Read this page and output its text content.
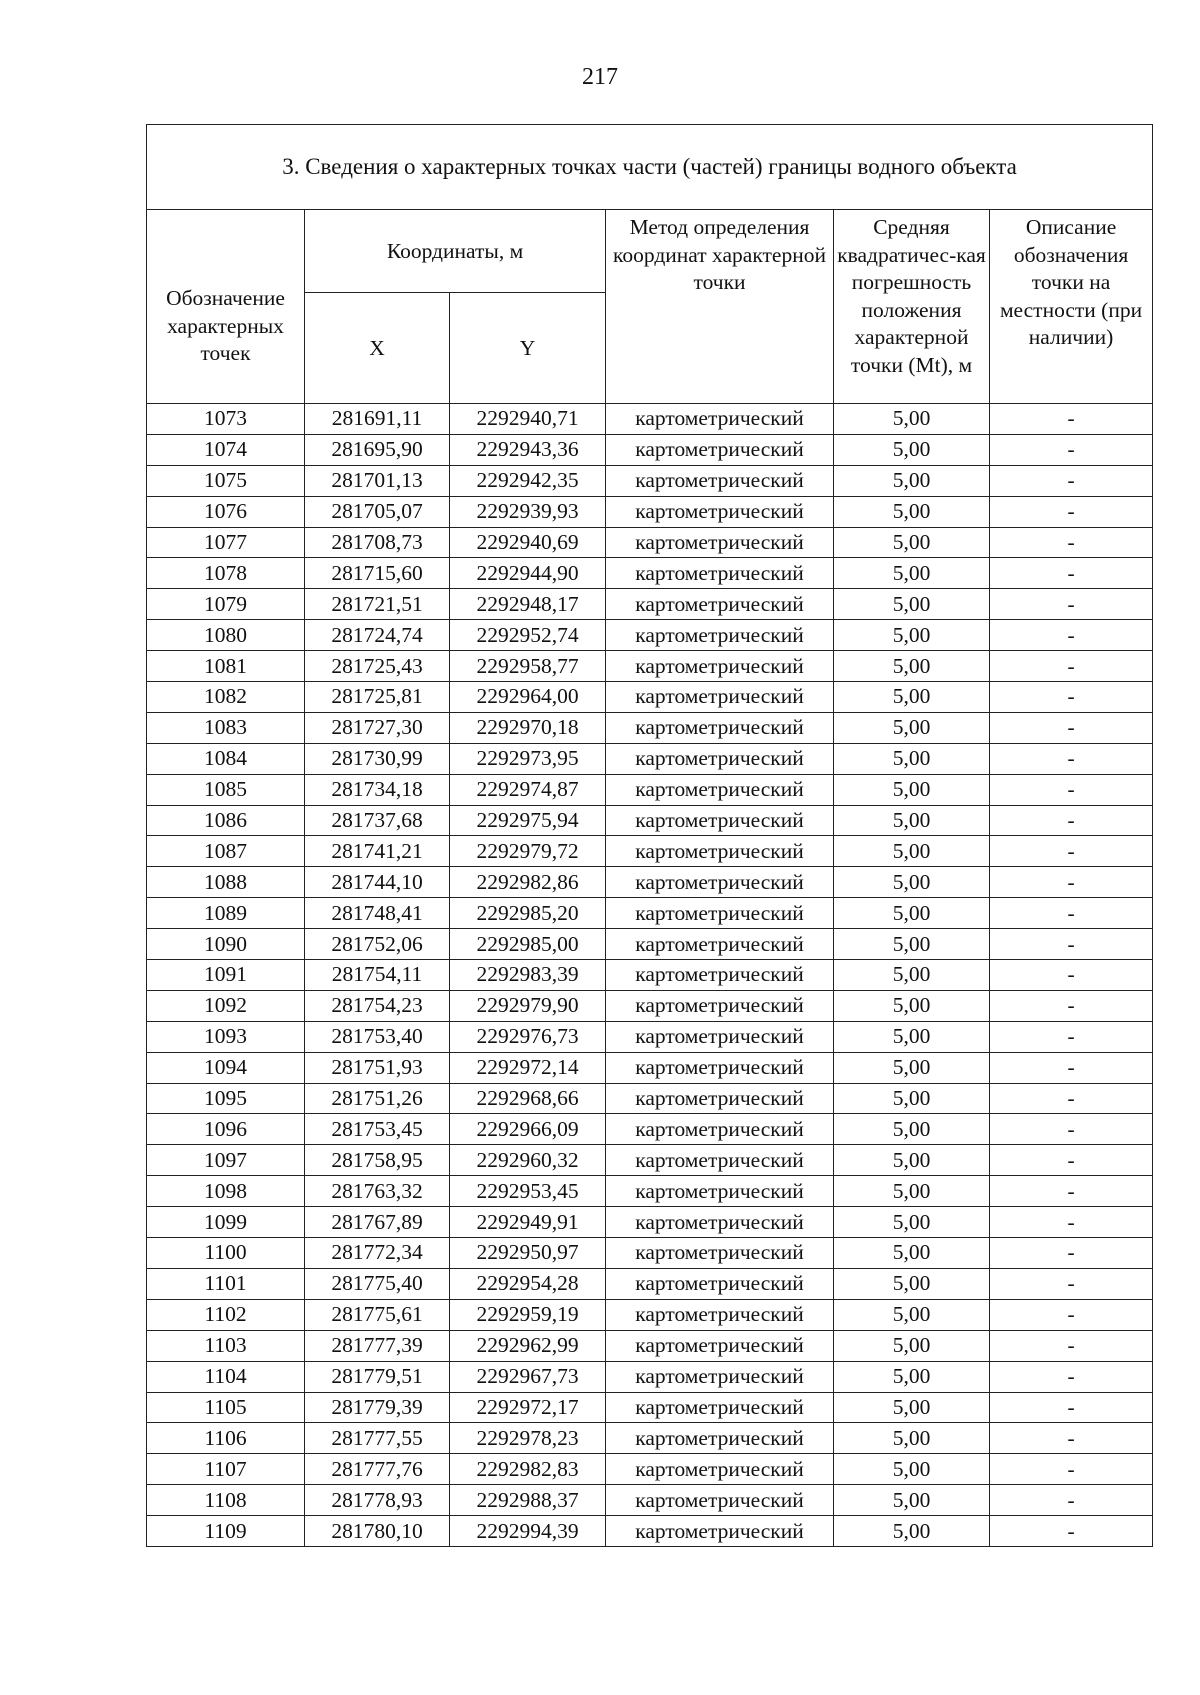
217
3. Сведения о характерных точках части (частей) границы водного объекта					
Обозначение характерных точек	Координаты, м		Метод определения координат характерной точки	Средняя квадратичес-кая погрешность положения характерной точки (Mt), м	Описание обозначения точки на местности (при наличии)
	X	Y			
1073	281691,11	2292940,71	картометрический	5,00	-
1074	281695,90	2292943,36	картометрический	5,00	-
1075	281701,13	2292942,35	картометрический	5,00	-
1076	281705,07	2292939,93	картометрический	5,00	-
1077	281708,73	2292940,69	картометрический	5,00	-
1078	281715,60	2292944,90	картометрический	5,00	-
1079	281721,51	2292948,17	картометрический	5,00	-
1080	281724,74	2292952,74	картометрический	5,00	-
1081	281725,43	2292958,77	картометрический	5,00	-
1082	281725,81	2292964,00	картометрический	5,00	-
1083	281727,30	2292970,18	картометрический	5,00	-
1084	281730,99	2292973,95	картометрический	5,00	-
1085	281734,18	2292974,87	картометрический	5,00	-
1086	281737,68	2292975,94	картометрический	5,00	-
1087	281741,21	2292979,72	картометрический	5,00	-
1088	281744,10	2292982,86	картометрический	5,00	-
1089	281748,41	2292985,20	картометрический	5,00	-
1090	281752,06	2292985,00	картометрический	5,00	-
1091	281754,11	2292983,39	картометрический	5,00	-
1092	281754,23	2292979,90	картометрический	5,00	-
1093	281753,40	2292976,73	картометрический	5,00	-
1094	281751,93	2292972,14	картометрический	5,00	-
1095	281751,26	2292968,66	картометрический	5,00	-
1096	281753,45	2292966,09	картометрический	5,00	-
1097	281758,95	2292960,32	картометрический	5,00	-
1098	281763,32	2292953,45	картометрический	5,00	-
1099	281767,89	2292949,91	картометрический	5,00	-
1100	281772,34	2292950,97	картометрический	5,00	-
1101	281775,40	2292954,28	картометрический	5,00	-
1102	281775,61	2292959,19	картометрический	5,00	-
1103	281777,39	2292962,99	картометрический	5,00	-
1104	281779,51	2292967,73	картометрический	5,00	-
1105	281779,39	2292972,17	картометрический	5,00	-
1106	281777,55	2292978,23	картометрический	5,00	-
1107	281777,76	2292982,83	картометрический	5,00	-
1108	281778,93	2292988,37	картометрический	5,00	-
1109	281780,10	2292994,39	картометрический	5,00	-
